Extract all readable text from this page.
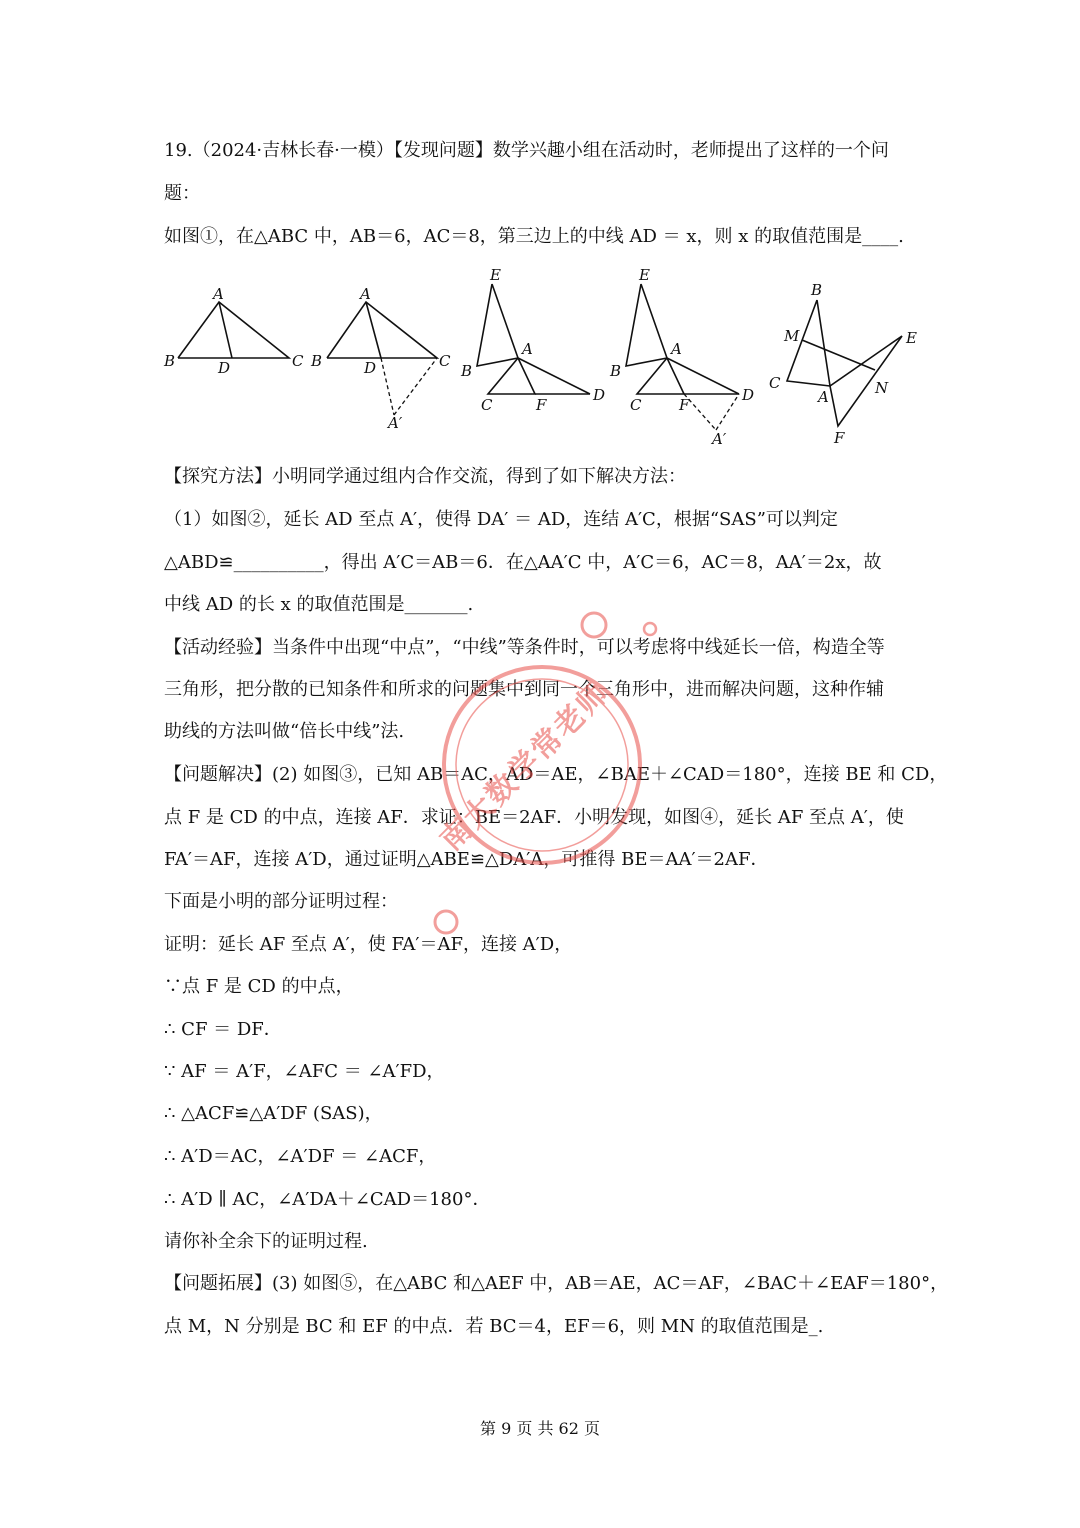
19.（2024·吉林长春·一模）【发现问题】数学兴趣小组在活动时，老师提出了这样的一个问
题：
如图①，在△ABC 中，AB＝6，AC＝8，第三边上的中线 AD ＝ x，则 x 的取值范围是____.
A
B	C
D
A
B	C
D
A′
E
A
B
C	F
D
E
A
B
C	F
D
A′
B
M	E
C
A	N
F
【探究方法】小明同学通过组内合作交流，得到了如下解决方法：
（1）如图②，延长 AD 至点 A′，使得 DA′ ＝ AD，连结 A′C，根据“SAS”可以判定
△ABD≌__________，得出 A′C＝AB＝6．在△AA′C 中，A′C＝6，AC＝8，AA′＝2x，故
中线 AD 的长 x 的取值范围是_______.
【活动经验】当条件中出现“中点”，“中线”等条件时，可以考虑将中线延长一倍，构造全等
三角形，把分散的已知条件和所求的问题集中到同一个三角形中，进而解决问题，这种作辅
助线的方法叫做“倍长中线”法.
【问题解决】(2) 如图③，已知 AB＝AC，AD＝AE，∠BAE＋∠CAD＝180°，连接 BE 和 CD，
点 F 是 CD 的中点，连接 AF．求证：BE＝2AF．小明发现，如图④，延长 AF 至点 A′，使
FA′＝AF，连接 A′D，通过证明△ABE≌△DA′A，可推得 BE＝AA′＝2AF．
下面是小明的部分证明过程：
证明：延长 AF 至点 A′，使 FA′＝AF，连接 A′D，
∵点 F 是 CD 的中点，
∴ CF ＝ DF．
∵ AF ＝ A′F，∠AFC ＝ ∠A′FD，
∴ △ACF≌△A′DF (SAS)，
∴ A′D＝AC，∠A′DF ＝ ∠ACF，
∴ A′D ∥ AC，∠A′DA＋∠CAD＝180°．
请你补全余下的证明过程.
【问题拓展】(3) 如图⑤，在△ABC 和△AEF 中，AB＝AE，AC＝AF，∠BAC＋∠EAF＝180°，
点 M，N 分别是 BC 和 EF 的中点．若 BC＝4，EF＝6，则 MN 的取值范围是_.
南大数学常老师
第 9 页 共 62 页
